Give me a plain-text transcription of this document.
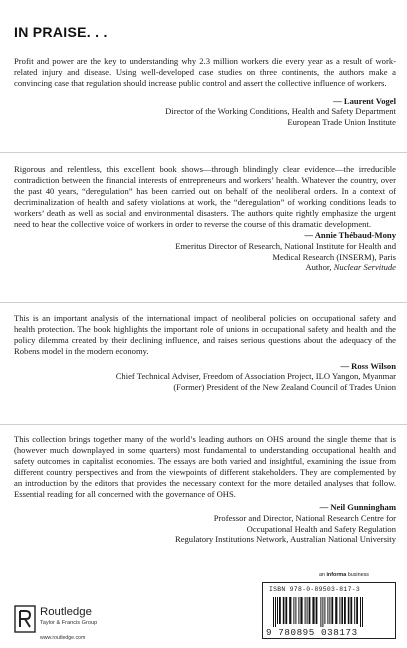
IN PRAISE. . .

Profit and power are the key to understanding why 2.3 million workers die every year as a result of work-related injury and disease. Using well-developed case studies on three continents, the authors make a convincing case that regulation should increase public control and assert the collective influence of workers.

— Laurent Vogel
Director of the Working Conditions, Health and Safety Department
European Trade Union Institute

Rigorous and relentless, this excellent book shows—through blindingly clear evidence—the irreducible contradiction between the financial interests of entrepreneurs and workers’ health. Whatever the country, over the past 40 years, “deregulation” has been carried out on behalf of the neoliberal orders. In a context of decriminalization of health and safety violations at work, the “deregulation” of working conditions leads to workers’ death as well as social and environmental disasters. The authors quite rightly emphasize the urgent need to hear the collective voice of workers in order to reverse the course of this dramatic development.

— Annie Thébaud-Mony
Emeritus Director of Research, National Institute for Health and
Medical Research (INSERM), Paris
Author, Nuclear Servitude

This is an important analysis of the international impact of neoliberal policies on occupational safety and health protection. The book highlights the important role of unions in occupational safety and health and the policy dilemma created by their declining influence, and raises serious questions about the adequacy of the Robens model in the modern economy.

— Ross Wilson
Chief Technical Adviser, Freedom of Association Project, ILO Yangon, Myanmar
(Former) President of the New Zealand Council of Trades Union

This collection brings together many of the world’s leading authors on OHS around the single theme that is (however much downplayed in some quarters) most fundamental to understanding occupational health and safety outcomes in capitalist economies. The essays are both varied and insightful, examining the issue from different country perspectives and from the viewpoints of different stakeholders. They are complemented by an introduction by the editors that provides the necessary context for the more detailed analyses that follow. Essential reading for all concerned with the governance of OHS.

— Neil Gunningham
Professor and Director, National Research Centre for
Occupational Health and Safety Regulation
Regulatory Institutions Network, Australian National University
an informa business
Routledge
Taylor & Francis Group
www.routledge.com
ISBN 978-0-89503-817-3
9 780895 038173
